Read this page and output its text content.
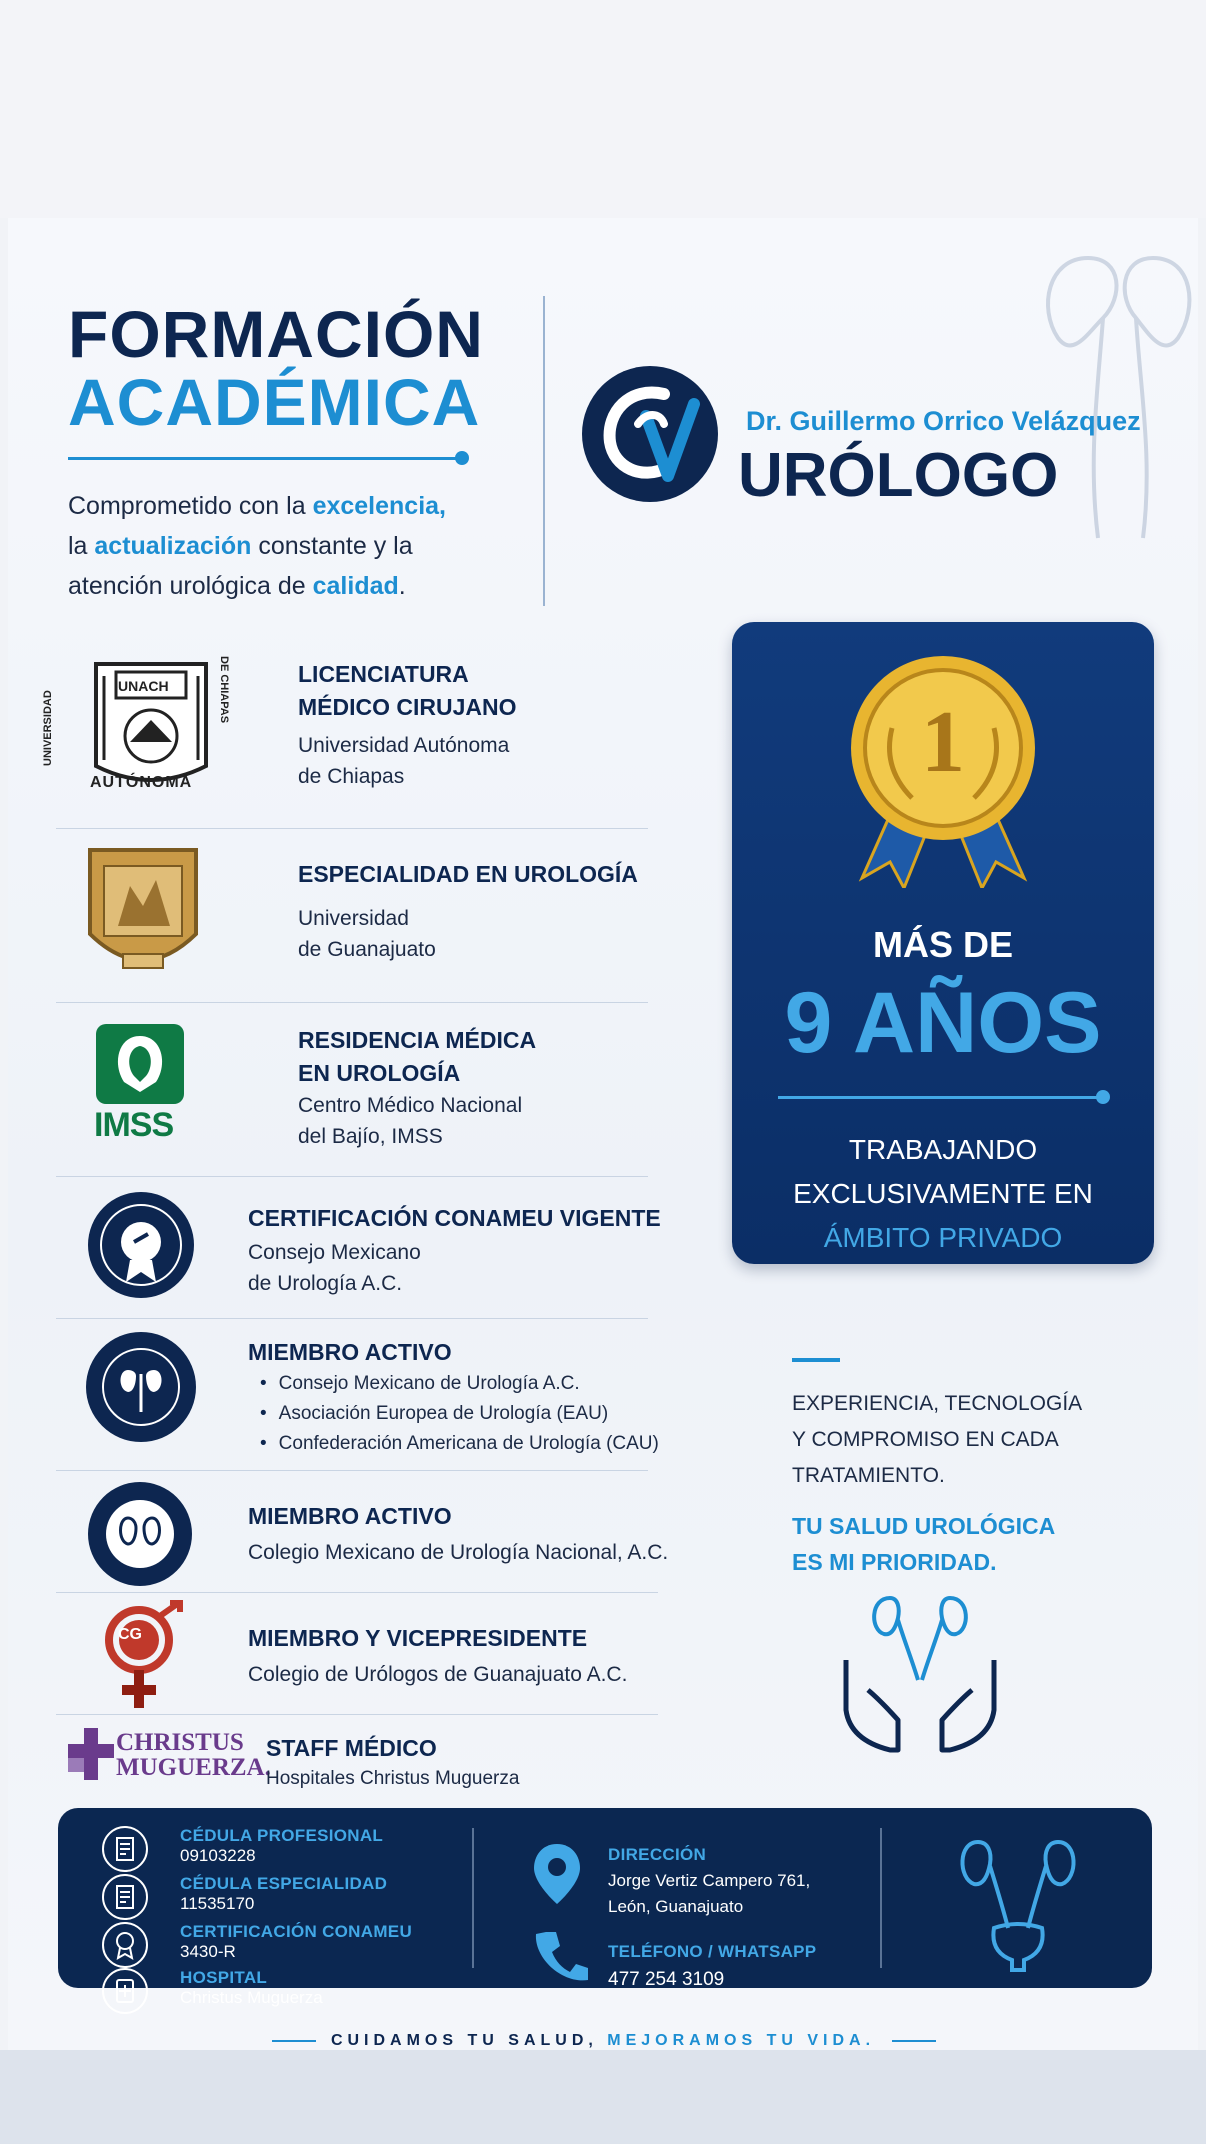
FORMACIÓN
ACADÉMICA
Comprometido con la excelencia,
la actualización constante y la
atención urológica de calidad.
Dr. Guillermo Orrico Velázquez
URÓLOGO
UNACH
AUTÓNOMA
UNIVERSIDAD
DE CHIAPAS	LICENCIATURA
MÉDICO CIRUJANO
Universidad Autónoma
de Chiapas
ESPECIALIDAD EN UROLOGÍA
Universidad
de Guanajuato
IMSS
RESIDENCIA MÉDICA
EN UROLOGÍA
Centro Médico Nacional
del Bajío, IMSS
CERTIFICACIÓN CONAMEU VIGENTE
Consejo Mexicano
de Urología A.C.
MIEMBRO ACTIVO
• Consejo Mexicano de Urología A.C.
• Asociación Europea de Urología (EAU)
• Confederación Americana de Urología (CAU)
MIEMBRO ACTIVO
Colegio Mexicano de Urología Nacional, A.C.
CG	MIEMBRO Y VICEPRESIDENTE
Colegio de Urólogos de Guanajuato A.C.
CHRISTUS
MUGUERZA.
STAFF MÉDICO
Hospitales Christus Muguerza
1
MÁS DE
9 AÑOS
TRABAJANDO
EXCLUSIVAMENTE EN
ÁMBITO PRIVADO
EXPERIENCIA, TECNOLOGÍA
Y COMPROMISO EN CADA
TRATAMIENTO.
TU SALUD UROLÓGICA
ES MI PRIORIDAD.
CÉDULA PROFESIONAL
09103228
CÉDULA ESPECIALIDAD
11535170
CERTIFICACIÓN CONAMEU
3430-R
HOSPITAL
Christus Muguerza
DIRECCIÓN
Jorge Vertiz Campero 761,
León, Guanajuato
TELÉFONO / WHATSAPP
477 254 3109
CUIDAMOS TU SALUD, MEJORAMOS TU VIDA.
